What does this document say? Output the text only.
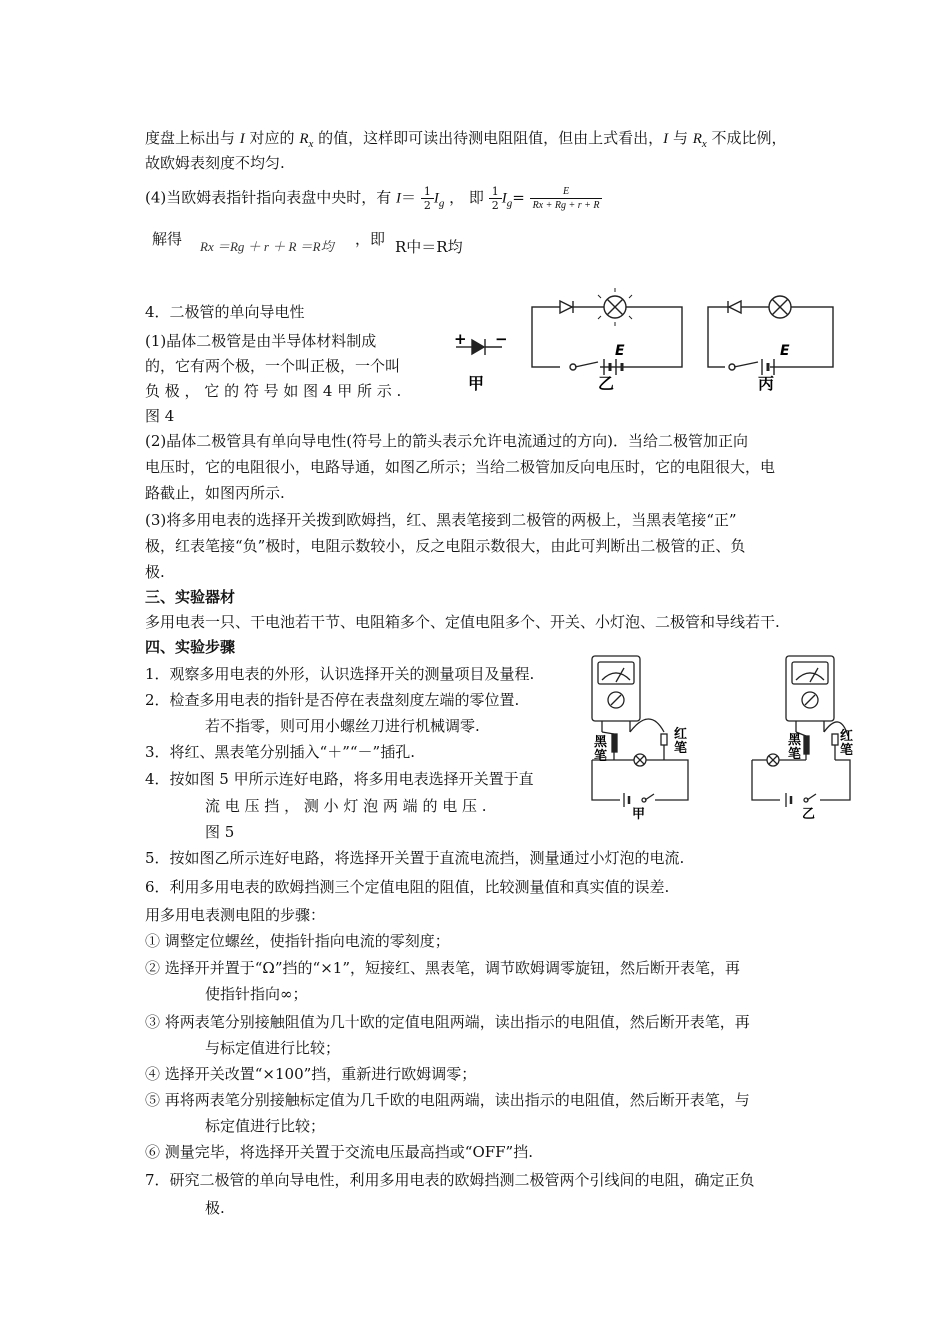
度盘上标出与 I 对应的 $R_x$ 的值，这样即可读出待测电阻阻值，但由上式看出，I 与 $R_x$ 不成比例，
故欧姆表刻度不均匀.
(4)当欧姆表指针指向表盘中央时，有 $I= \frac{1}{2} I_g$ ， 即 $\frac{1}{2} I_g= \frac{E}{Rx + Rg + r + R}$
解得 Rx ＝Rg ＋ r ＋ R ＝R均 ，即 R中＝R均
4．二极管的单向导电性
(1)晶体二极管是由半导体材料制成
的，它有两个极，一个叫正极，一个叫
负 极 ， 它 的 符 号 如 图 4 甲 所 示 .
图 4
(2)晶体二极管具有单向导电性(符号上的箭头表示允许电流通过的方向)．当给二极管加正向
电压时，它的电阻很小，电路导通，如图乙所示；当给二极管加反向电压时，它的电阻很大，电
路截止，如图丙所示.
(3)将多用电表的选择开关拨到欧姆挡，红、黑表笔接到二极管的两极上，当黑表笔接“正”
极，红表笔接“负”极时，电阻示数较小，反之电阻示数很大，由此可判断出二极管的正、负
极.
+ −
甲	乙	丙
E	E
三、实验器材
多用电表一只、干电池若干节、电阻箱多个、定值电阻多个、开关、小灯泡、二极管和导线若干.
四、实验步骤
1．观察多用电表的外形，认识选择开关的测量项目及量程.
2．检查多用电表的指针是否停在表盘刻度左端的零位置.
若不指零，则可用小螺丝刀进行机械调零.
3．将红、黑表笔分别插入“＋”“－”插孔.
4．按如图 5 甲所示连好电路，将多用电表选择开关置于直
流 电 压 挡 ， 测 小 灯 泡 两 端 的 电 压 .
图 5
5．按如图乙所示连好电路，将选择开关置于直流电流挡，测量通过小灯泡的电流.
6．利用多用电表的欧姆挡测三个定值电阻的阻值，比较测量值和真实值的误差.
用多用电表测电阻的步骤：
① 调整定位螺丝，使指针指向电流的零刻度；
② 选择开并置于“Ω”挡的“×1”，短接红、黑表笔，调节欧姆调零旋钮，然后断开表笔，再
使指针指向∞；
③ 将两表笔分别接触阻值为几十欧的定值电阻两端，读出指示的电阻值，然后断开表笔，再
与标定值进行比较；
④ 选择开关改置“×100”挡，重新进行欧姆调零；
⑤ 再将两表笔分别接触标定值为几千欧的电阻两端，读出指示的电阻值，然后断开表笔，与
标定值进行比较；
⑥ 测量完毕，将选择开关置于交流电压最高挡或“OFF”挡.
7．研究二极管的单向导电性，利用多用电表的欧姆挡测二极管两个引线间的电阻，确定正负
极.
黑
笔
红
笔
甲
黑
笔
红
笔
乙
